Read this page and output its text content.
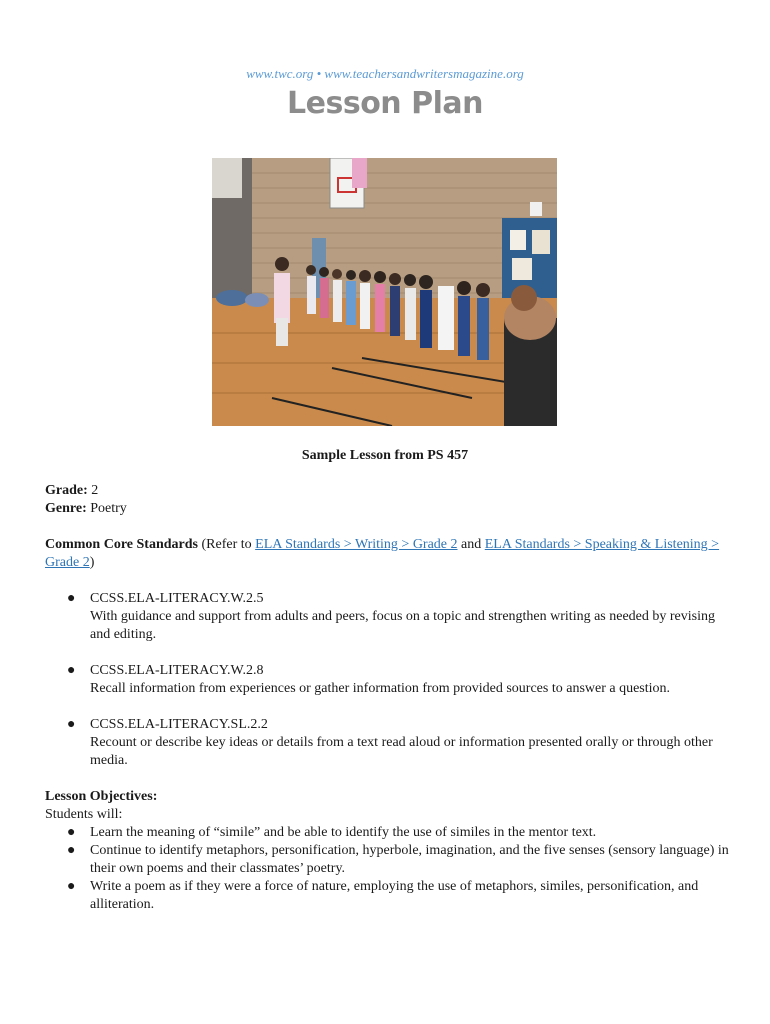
www.twc.org • www.teachersandwritersmagazine.org
Lesson Plan
Sample Lesson from PS 457

Grade: 2

Genre: Poetry

Common Core Standards (Refer to ELA Standards > Writing > Grade 2 and ELA Standards > Speaking & Listening > Grade 2)

● CCSS.ELA-LITERACY.W.2.5
With guidance and support from adults and peers, focus on a topic and strengthen writing as needed by revising and editing.
● CCSS.ELA-LITERACY.W.2.8
Recall information from experiences or gather information from provided sources to answer a question.
● CCSS.ELA-LITERACY.SL.2.2
Recount or describe key ideas or details from a text read aloud or information presented orally or through other media.

Lesson Objectives:

Students will:

● Learn the meaning of “simile” and be able to identify the use of similes in the mentor text.
● Continue to identify metaphors, personification, hyperbole, imagination, and the five senses (sensory language) in their own poems and their classmates’ poetry.
● Write a poem as if they were a force of nature, employing the use of metaphors, similes, personification, and alliteration.
